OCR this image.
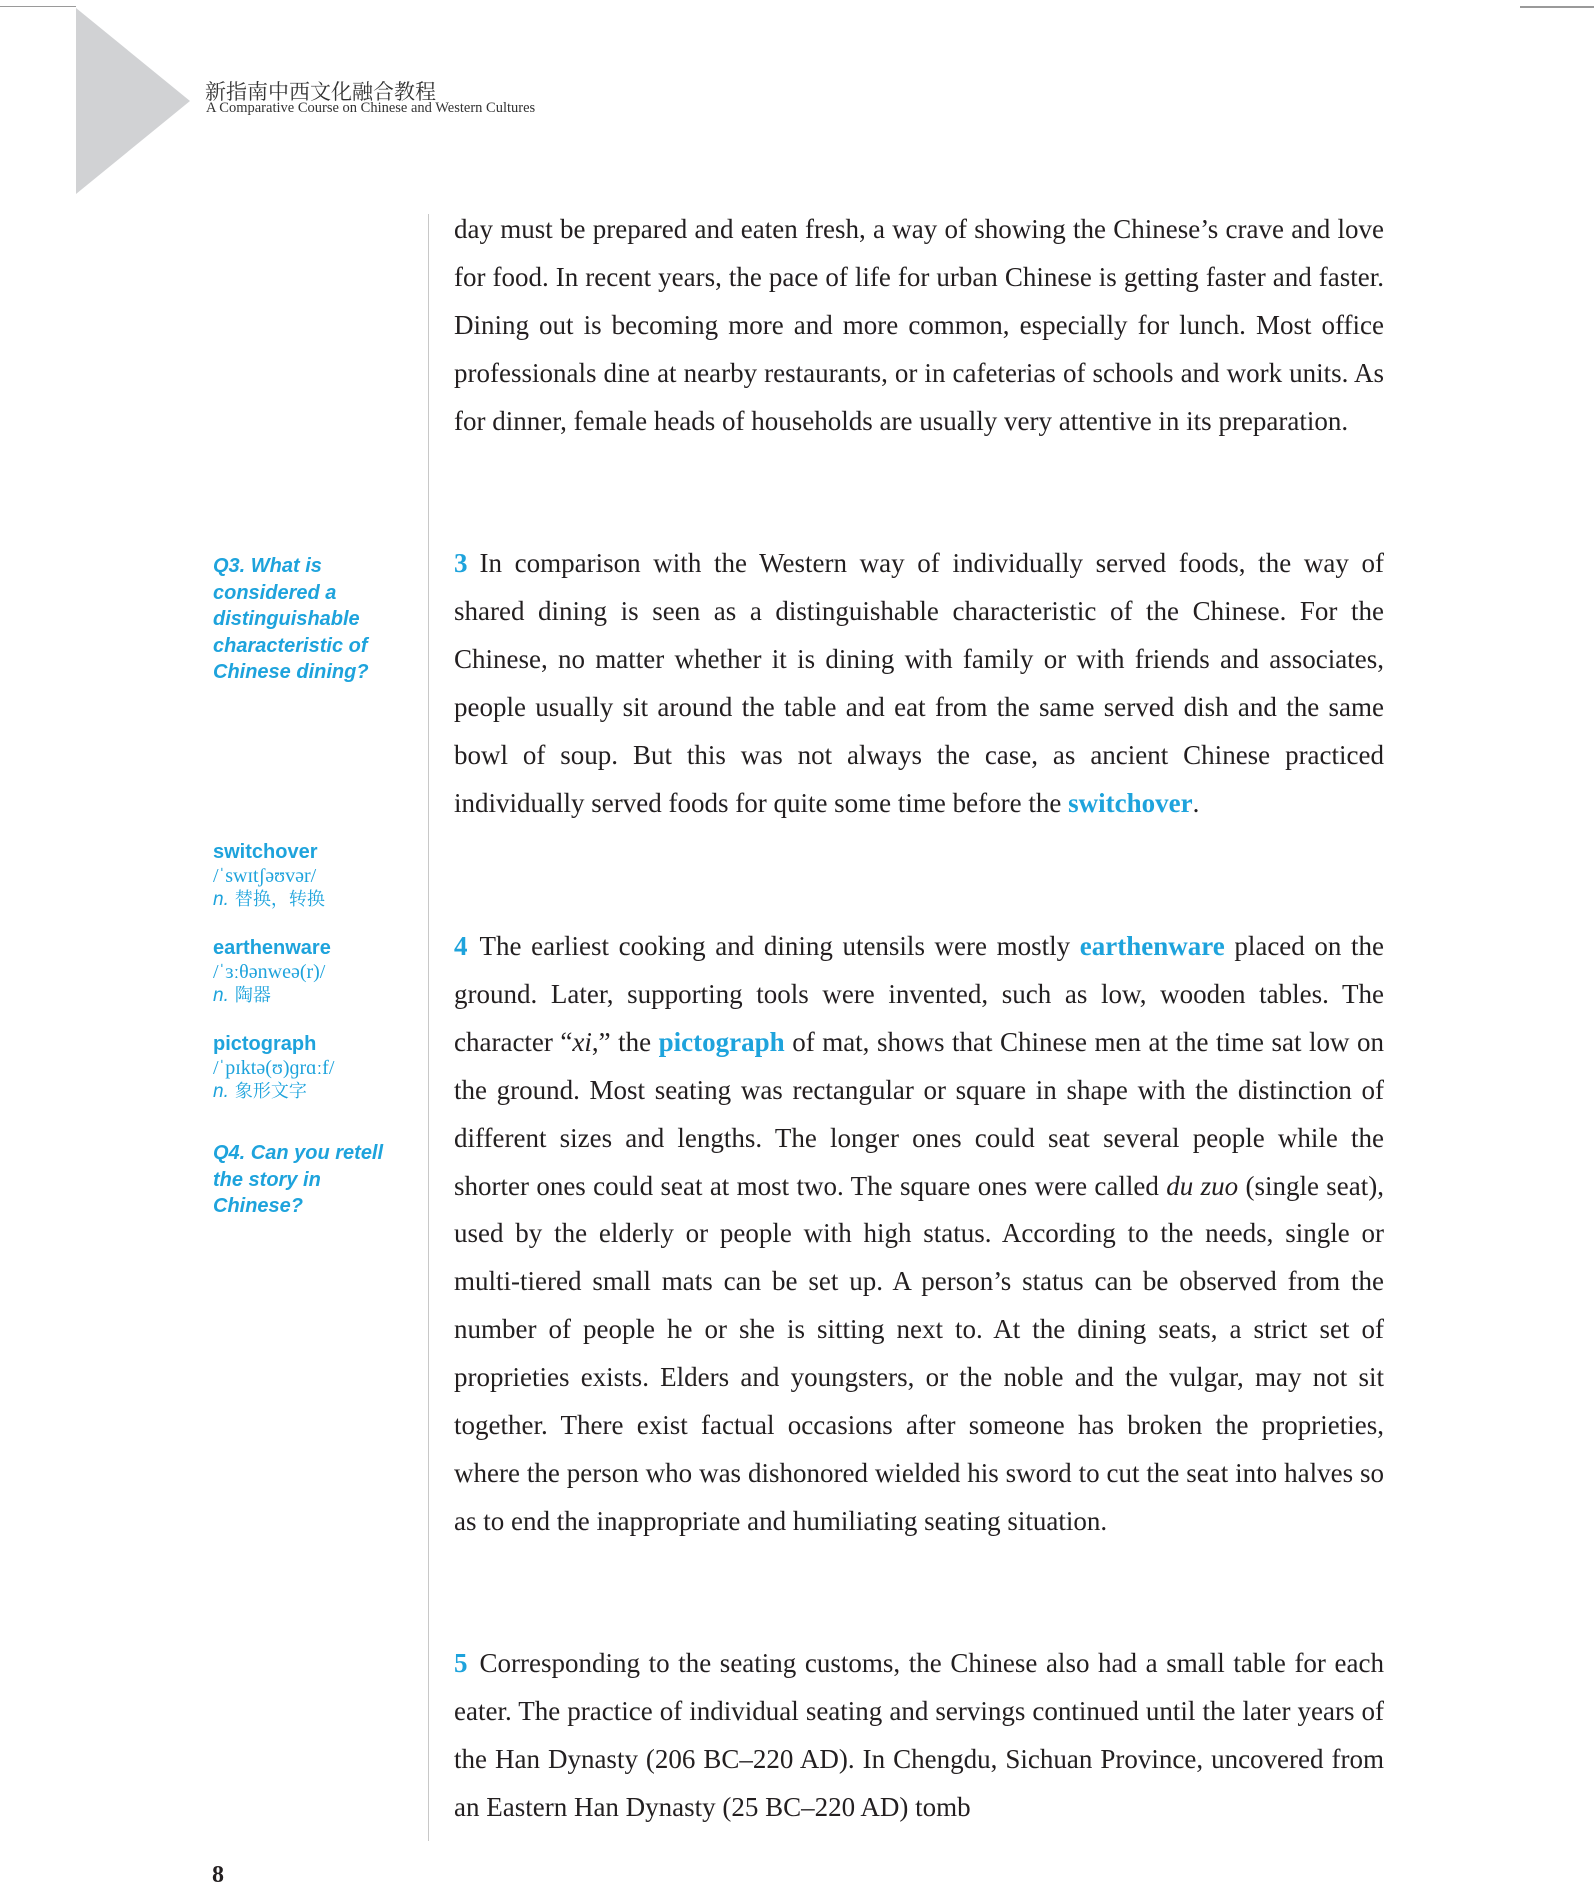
新指南中西文化融合教程
A Comparative Course on Chinese and Western Cultures

day must be prepared and eaten fresh, a way of showing the Chinese’s crave and love for food. In recent years, the pace of life for urban Chinese is getting faster and faster. Dining out is becoming more and more common, especially for lunch. Most office professionals dine at nearby restaurants, or in cafeterias of schools and work units. As for dinner, female heads of households are usually very attentive in its preparation.

3 In comparison with the Western way of individually served foods, the way of shared dining is seen as a distinguishable characteristic of the Chinese. For the Chinese, no matter whether it is dining with family or with friends and associates, people usually sit around the table and eat from the same served dish and the same bowl of soup. But this was not always the case, as ancient Chinese practiced individually served foods for quite some time before the switchover.

4 The earliest cooking and dining utensils were mostly earthenware placed on the ground. Later, supporting tools were invented, such as low, wooden tables. The character “xi,” the pictograph of mat, shows that Chinese men at the time sat low on the ground. Most seating was rectangular or square in shape with the distinction of different sizes and lengths. The longer ones could seat several people while the shorter ones could seat at most two. The square ones were called du zuo (single seat), used by the elderly or people with high status. According to the needs, single or multi-tiered small mats can be set up. A person’s status can be observed from the number of people he or she is sitting next to. At the dining seats, a strict set of proprieties exists. Elders and youngsters, or the noble and the vulgar, may not sit together. There exist factual occasions after someone has broken the proprieties, where the person who was dishonored wielded his sword to cut the seat into halves so as to end the inappropriate and humiliating seating situation.

5 Corresponding to the seating customs, the Chinese also had a small table for each eater. The practice of individual seating and servings continued until the later years of the Han Dynasty (206 BC–220 AD). In Chengdu, Sichuan Province, uncovered from an Eastern Han Dynasty (25 BC–220 AD) tomb

Q3. What is considered a distinguishable characteristic of Chinese dining?
switchover
/ˈswɪtʃəʊvər/
n. 替换，转换
earthenware
/ˈɜːθənweə(r)/
n. 陶器
pictograph
/ˈpɪktə(ʊ)ɡrɑːf/
n. 象形文字
Q4. Can you retell the story in Chinese?
8
